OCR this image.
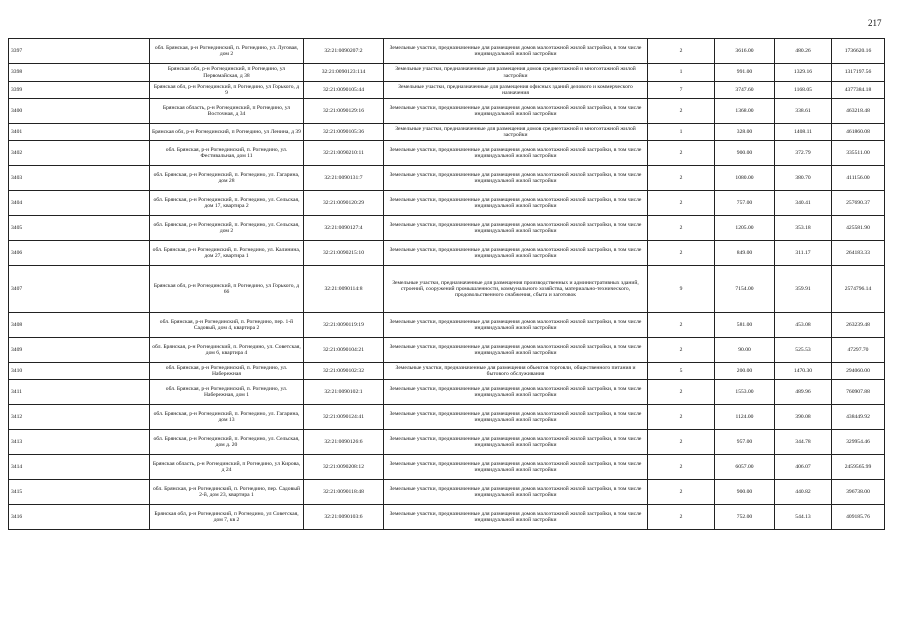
217
3397	обл. Брянская, р-н Рогнединский, п. Рогнедино, ул. Луговая, дом 2	32:21:0090207:2	Земельные участки, предназначенные для размещения домов малоэтажной жилой застройки, в том числе индивидуальной жилой застройки	2	3616.00	480.26	1736620.16
3398	Брянская обл, р-н Рогнединский, п Рогнедино, ул Первомайская, д 38	32:21:0090123:114	Земельные участки, предназначенные для размещения домов среднеэтажной и многоэтажной жилой застройки	1	991.00	1329.16	1317197.56
3399	Брянская обл, р-н Рогнединский, п Рогнедино, ул Горького, д 9	32:21:0090105:44	Земельные участки, предназначенные для размещения офисных зданий делового и коммерческого назначения	7	3747.60	1168.05	4377384.18
3400	Брянская область, р-н Рогнединский, п Рогнедино, ул Восточная, д 34	32:21:0090129:16	Земельные участки, предназначенные для размещения домов малоэтажной жилой застройки, в том числе индивидуальной жилой застройки	2	1368.00	338.61	463218.48
3401	Брянская обл, р-н Рогнединский, п Рогнедино, ул Ленина, д 39	32:21:0090105:36	Земельные участки, предназначенные для размещения домов среднеэтажной и многоэтажной жилой застройки	1	328.00	1408.11	461860.08
3402	обл. Брянская, р-н Рогнединский, п. Рогнедино, ул. Фестивальная, дом 11	32:21:0090210:11	Земельные участки, предназначенные для размещения домов малоэтажной жилой застройки, в том числе индивидуальной жилой застройки	2	900.00	372.79	335511.00
3403	обл. Брянская, р-н Рогнединский, п. Рогнедино, ул. Гагарина, дом 28	32:21:0090131:7	Земельные участки, предназначенные для размещения домов малоэтажной жилой застройки, в том числе индивидуальной жилой застройки	2	1080.00	380.70	411156.00
3404	обл. Брянская, р-н Рогнединский, п. Рогнедино, ул. Сельская, дом 17, квартира 2	32:21:0090120:29	Земельные участки, предназначенные для размещения домов малоэтажной жилой застройки, в том числе индивидуальной жилой застройки	2	757.00	340.41	257690.37
3405	обл. Брянская, р-н Рогнединский, п. Рогнедино, ул. Сельская, дом 2	32:21:0090127:4	Земельные участки, предназначенные для размещения домов малоэтажной жилой застройки, в том числе индивидуальной жилой застройки	2	1205.00	353.18	425581.90
3406	обл. Брянская, р-н Рогнединский, п. Рогнедино, ул. Калинина, дом 27, квартира 1	32:21:0090215:10	Земельные участки, предназначенные для размещения домов малоэтажной жилой застройки, в том числе индивидуальной жилой застройки	2	849.00	311.17	264183.33
3407	Брянская обл, р-н Рогнединский, п Рогнедино, ул Горького, д 66	32:21:0090114:8	Земельные участки, предназначенные для размещения производственных и административных зданий, строений, сооружений промышленности, коммунального хозяйства, материально-технического, продовольственного снабжения, сбыта и заготовок	9	7154.00	359.91	2574796.14
3408	обл. Брянская, р-н Рогнединский, п. Рогнедино, пер. 1-й Садовый, дом 4, квартира 2	32:21:0090119:19	Земельные участки, предназначенные для размещения домов малоэтажной жилой застройки, в том числе индивидуальной жилой застройки	2	581.00	453.08	263239.48
3409	обл. Брянская, р-н Рогнединский, п. Рогнедино, ул. Советская, дом 6, квартира 4	32:21:0090104:21	Земельные участки, предназначенные для размещения домов малоэтажной жилой застройки, в том числе индивидуальной жилой застройки	2	90.00	525.53	47297.70
3410	обл. Брянская, р-н Рогнединский, п. Рогнедино, ул. Набережная	32:21:0090102:32	Земельные участки, предназначенные для размещения объектов торговли, общественного питания и бытового обслуживания	5	200.00	1470.30	294060.00
3411	обл. Брянская, р-н Рогнединский, п. Рогнедино, ул. Набережная, дом 1	32:21:0090102:1	Земельные участки, предназначенные для размещения домов малоэтажной жилой застройки, в том числе индивидуальной жилой застройки	2	1553.00	489.96	760907.88
3412	обл. Брянская, р-н Рогнединский, п. Рогнедино, ул. Гагарина, дом 13	32:21:0090124:41	Земельные участки, предназначенные для размещения домов малоэтажной жилой застройки, в том числе индивидуальной жилой застройки	2	1124.00	390.08	438449.92
3413	обл. Брянская, р-н Рогнединский, п. Рогнедино, ул. Сельская, дом д. 20	32:21:0090126:6	Земельные участки, предназначенные для размещения домов малоэтажной жилой застройки, в том числе индивидуальной жилой застройки	2	957.00	344.78	329954.46
3414	Брянская область, р-н Рогнединский, п Рогнедино, ул Кирова, д 24	32:21:0090208:12	Земельные участки, предназначенные для размещения домов малоэтажной жилой застройки, в том числе индивидуальной жилой застройки	2	6057.00	406.07	2459565.99
3415	обл. Брянская, р-н Рогнединский, п. Рогнедино, пер. Садовый 2-й, дом 23, квартира 1	32:21:0090118:48	Земельные участки, предназначенные для размещения домов малоэтажной жилой застройки, в том числе индивидуальной жилой застройки	2	900.00	440.82	396738.00
3416	Брянская обл, р-н Рогнединский, п Рогнедино, ул Советская, дом 7, кв 2	32:21:0090103:6	Земельные участки, предназначенные для размещения домов малоэтажной жилой застройки, в том числе индивидуальной жилой застройки	2	752.00	544.13	409185.76
